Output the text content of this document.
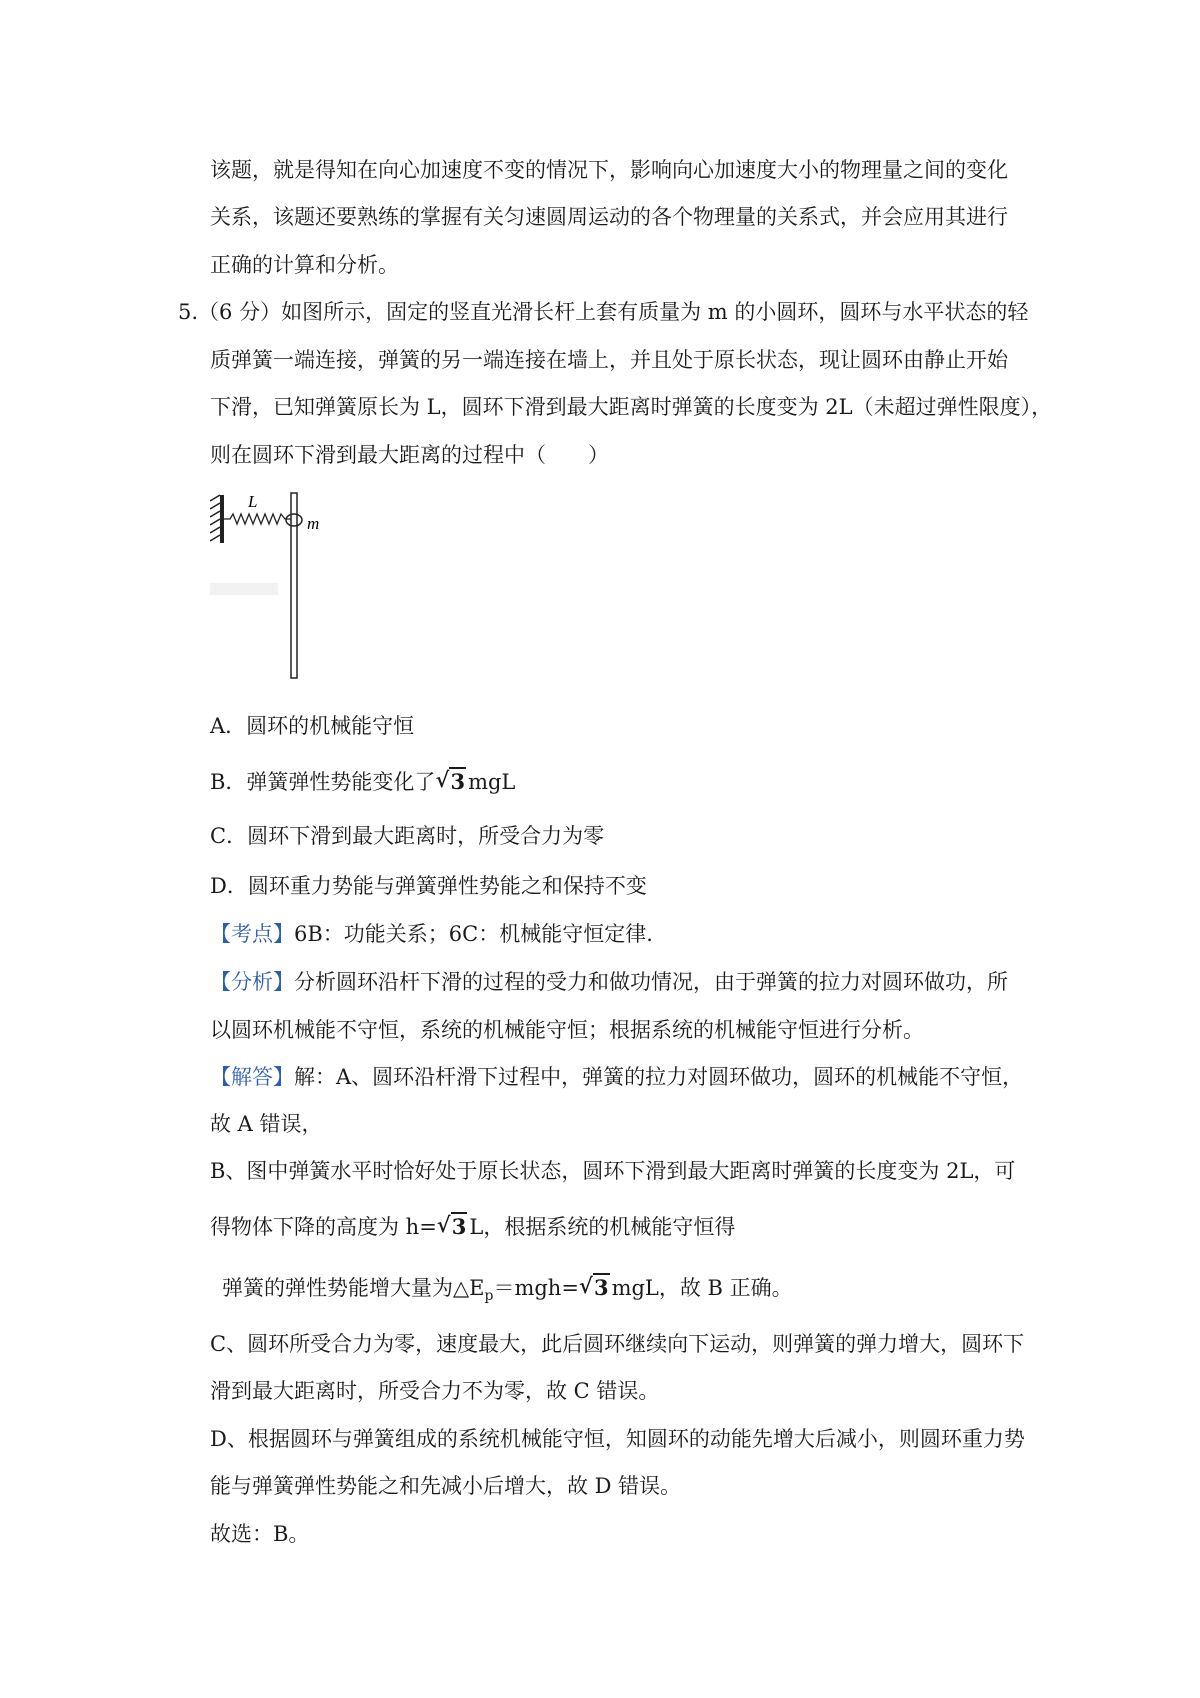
该题，就是得知在向心加速度不变的情况下，影响向心加速度大小的物理量之间的变化
关系，该题还要熟练的掌握有关匀速圆周运动的各个物理量的关系式，并会应用其进行
正确的计算和分析。
5.（6 分）如图所示，固定的竖直光滑长杆上套有质量为 m 的小圆环，圆环与水平状态的轻
质弹簧一端连接，弹簧的另一端连接在墙上，并且处于原长状态，现让圆环由静止开始
下滑，已知弹簧原长为 L，圆环下滑到最大距离时弹簧的长度变为 2L（未超过弹性限度），
则在圆环下滑到最大距离的过程中（　　）
L
m
A．圆环的机械能守恒
B．弹簧弹性势能变化了 √ 3 mgL
C．圆环下滑到最大距离时，所受合力为零
D．圆环重力势能与弹簧弹性势能之和保持不变
【考点】6B：功能关系；6C：机械能守恒定律.
【分析】分析圆环沿杆下滑的过程的受力和做功情况，由于弹簧的拉力对圆环做功，所
以圆环机械能不守恒，系统的机械能守恒；根据系统的机械能守恒进行分析。
【解答】解：A、圆环沿杆滑下过程中，弹簧的拉力对圆环做功，圆环的机械能不守恒，
故 A 错误，
B、图中弹簧水平时恰好处于原长状态，圆环下滑到最大距离时弹簧的长度变为 2L，可
得物体下降的高度为 h= √ 3 L，根据系统的机械能守恒得
弹簧的弹性势能增大量为$\triangle E_p=mgh=$ √ 3 mgL，故 B 正确。
C、圆环所受合力为零，速度最大，此后圆环继续向下运动，则弹簧的弹力增大，圆环下
滑到最大距离时，所受合力不为零，故 C 错误。
D、根据圆环与弹簧组成的系统机械能守恒，知圆环的动能先增大后减小，则圆环重力势
能与弹簧弹性势能之和先减小后增大，故 D 错误。
故选：B。
